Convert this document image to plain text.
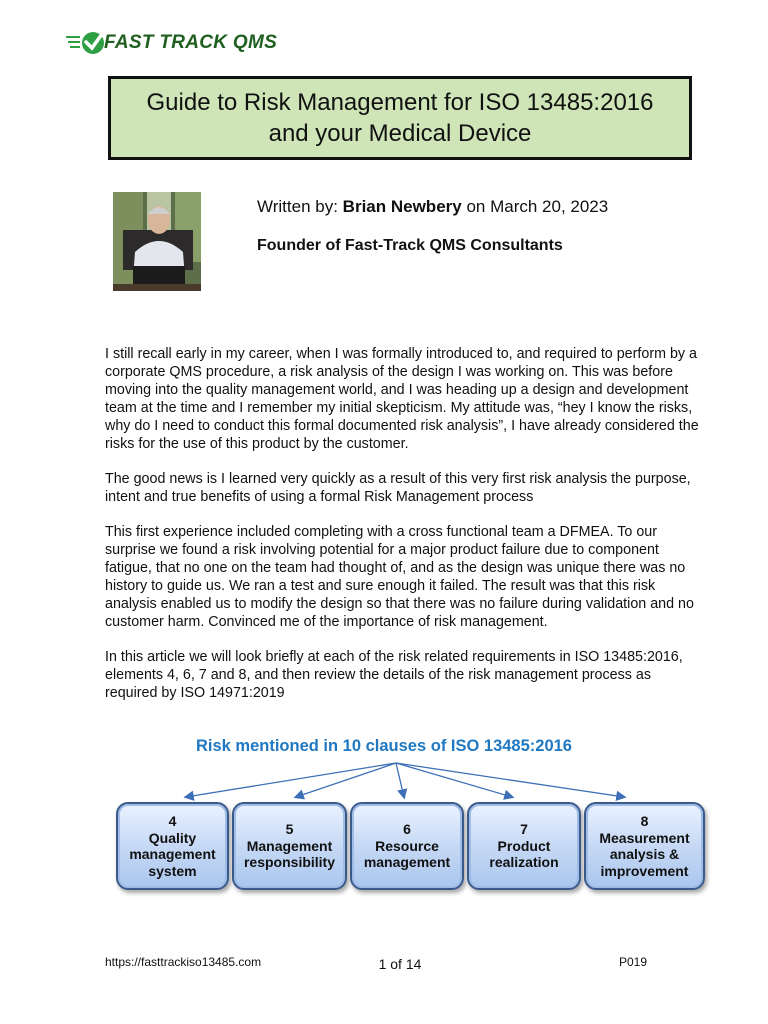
FAST TRACK QMS
Guide to Risk Management for ISO 13485:2016
and your Medical Device
Written by: Brian Newbery on March 20, 2023
Founder of Fast-Track QMS Consultants

I still recall early in my career, when I was formally introduced to, and required to perform by a corporate QMS procedure, a risk analysis of the design I was working on. This was before moving into the quality management world, and I was heading up a design and development team at the time and I remember my initial skepticism. My attitude was, “hey I know the risks, why do I need to conduct this formal documented risk analysis”, I have already considered the risks for the use of this product by the customer.

The good news is I learned very quickly as a result of this very first risk analysis the purpose, intent and true benefits of using a formal Risk Management process

This first experience included completing with a cross functional team a DFMEA. To our surprise we found a risk involving potential for a major product failure due to component fatigue, that no one on the team had thought of, and as the design was unique there was no history to guide us. We ran a test and sure enough it failed. The result was that this risk analysis enabled us to modify the design so that there was no failure during validation and no customer harm. Convinced me of the importance of risk management.

In this article we will look briefly at each of the risk related requirements in ISO 13485:2016, elements 4, 6, 7 and 8, and then review the details of the risk management process as required by ISO 14971:2019

Risk mentioned in 10 clauses of ISO 13485:2016
4
Quality
management
system
5
Management
responsibility
6
Resource
management
7
Product
realization
8
Measurement
analysis &
improvement
https://fasttrackiso13485.com	1 of 14	P019
